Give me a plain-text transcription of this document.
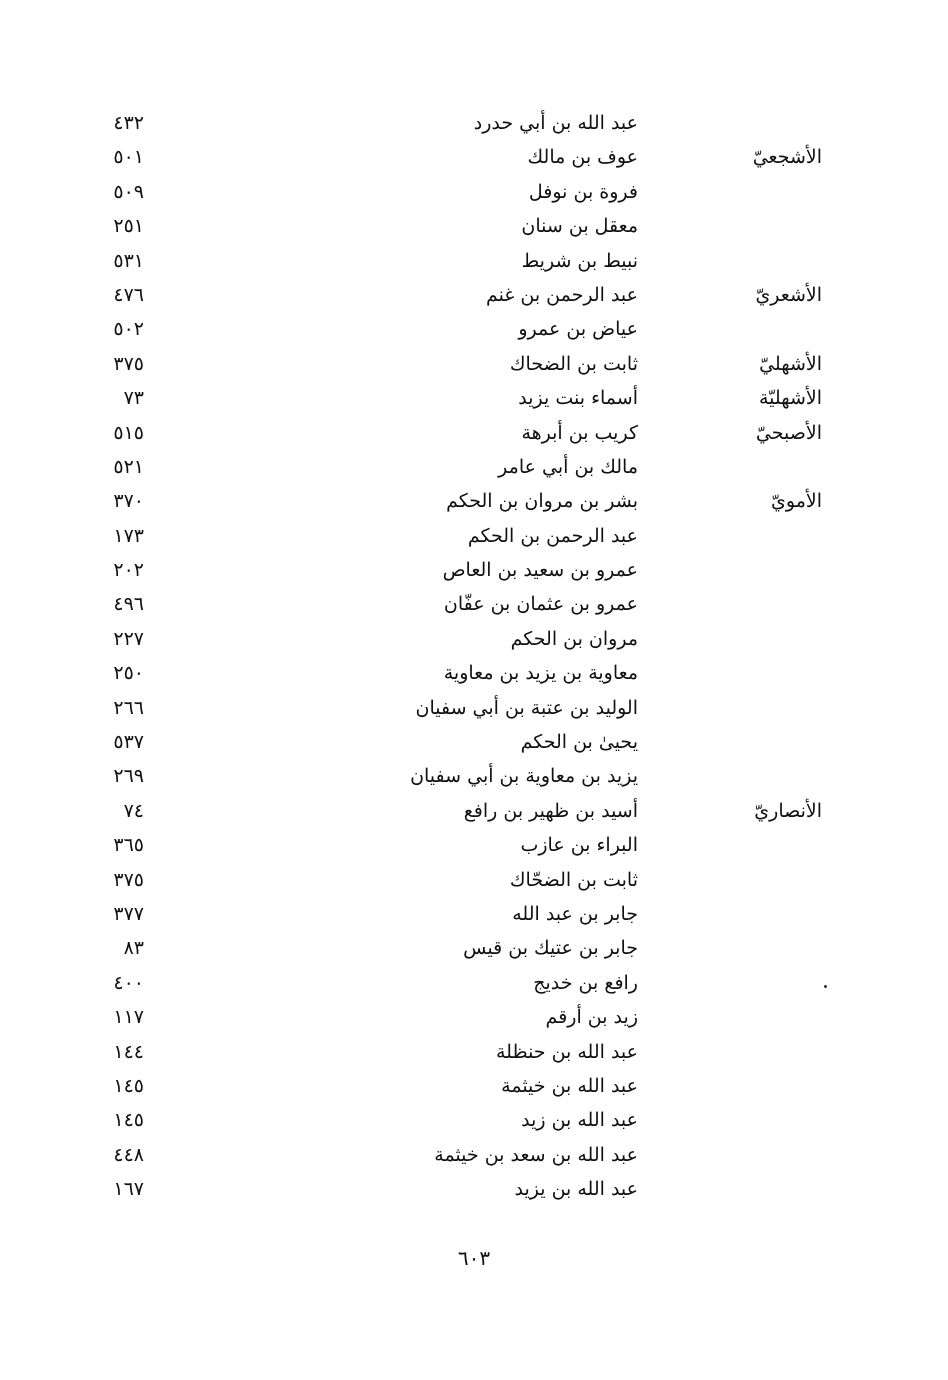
عبد الله بن أبي حدرد
٤٣٢
الأشجعيّ
عوف بن مالك
٥٠١
فروة بن نوفل
٥٠٩
معقل بن سنان
٢٥١
نبيط بن شريط
٥٣١
الأشعريّ
عبد الرحمن بن غنم
٤٧٦
عياض بن عمرو
٥٠٢
الأشهليّ
ثابت بن الضحاك
٣٧٥
الأشهليّة
أسماء بنت يزيد
٧٣
الأصبحيّ
كريب بن أبرهة
٥١٥
مالك بن أبي عامر
٥٢١
الأمويّ
بشر بن مروان بن الحكم
٣٧٠
عبد الرحمن بن الحكم
١٧٣
عمرو بن سعيد بن العاص
٢٠٢
عمرو بن عثمان بن عفّان
٤٩٦
مروان بن الحكم
٢٢٧
معاوية بن يزيد بن معاوية
٢٥٠
الوليد بن عتبة بن أبي سفيان
٢٦٦
يحيىٰ بن الحكم
٥٣٧
يزيد بن معاوية بن أبي سفيان
٢٦٩
الأنصاريّ
أسيد بن ظهير بن رافع
٧٤
البراء بن عازب
٣٦٥
ثابت بن الضحّاك
٣٧٥
جابر بن عبد الله
٣٧٧
جابر بن عتيك بن قيس
٨٣
رافع بن خديج
٤٠٠
زيد بن أرقم
١١٧
عبد الله بن حنظلة
١٤٤
عبد الله بن خيثمة
١٤٥
عبد الله بن زيد
١٤٥
عبد الله بن سعد بن خيثمة
٤٤٨
عبد الله بن يزيد
١٦٧
٦٠٣
